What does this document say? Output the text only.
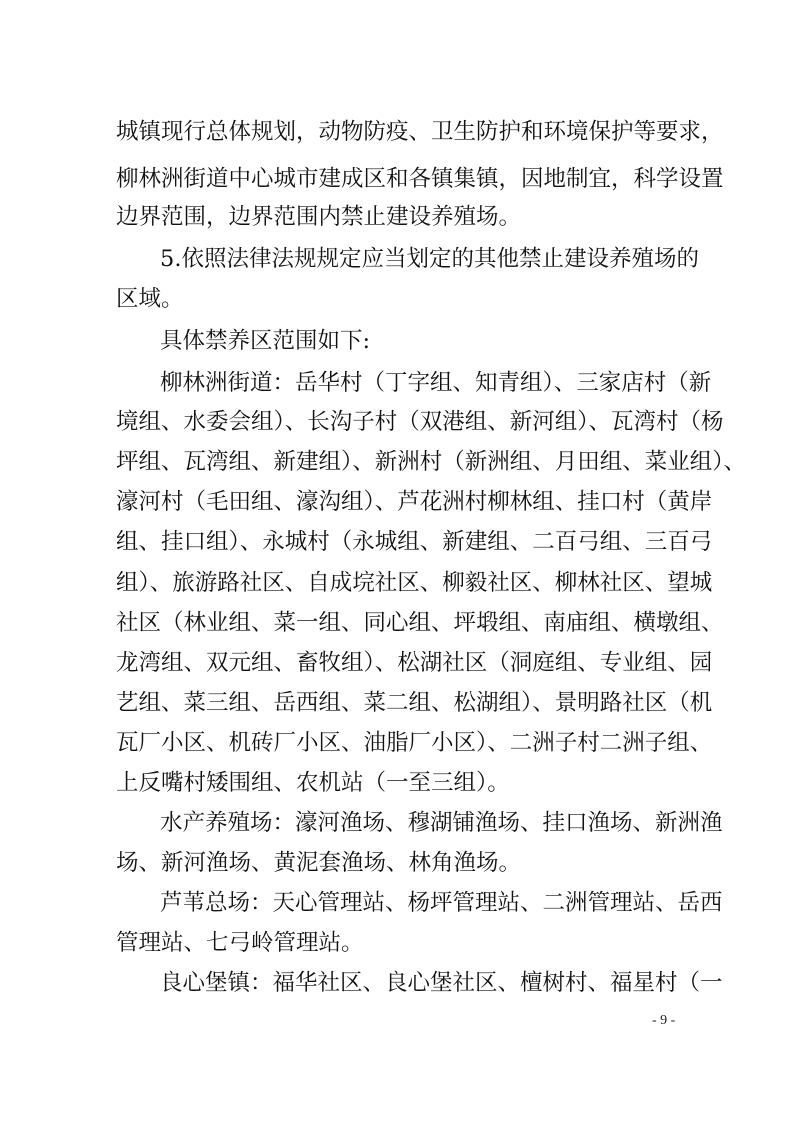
城镇现行总体规划，动物防疫、卫生防护和环境保护等要求，
柳林洲街道中心城市建成区和各镇集镇，因地制宜，科学设置
边界范围，边界范围内禁止建设养殖场。
5.依照法律法规规定应当划定的其他禁止建设养殖场的
区域。
具体禁养区范围如下:
柳林洲街道：岳华村（丁字组、知青组）、三家店村（新
境组、水委会组）、长沟子村（双港组、新河组）、瓦湾村（杨
坪组、瓦湾组、新建组）、新洲村（新洲组、月田组、菜业组）、
濠河村（毛田组、濠沟组）、芦花洲村柳林组、挂口村（黄岸
组、挂口组）、永城村（永城组、新建组、二百弓组、三百弓
组）、旅游路社区、自成垸社区、柳毅社区、柳林社区、望城
社区（林业组、菜一组、同心组、坪塅组、南庙组、横墩组、
龙湾组、双元组、畜牧组）、松湖社区（洞庭组、专业组、园
艺组、菜三组、岳西组、菜二组、松湖组）、景明路社区（机
瓦厂小区、机砖厂小区、油脂厂小区）、二洲子村二洲子组、
上反嘴村矮围组、农机站（一至三组）。
水产养殖场：濠河渔场、穆湖铺渔场、挂口渔场、新洲渔
场、新河渔场、黄泥套渔场、林角渔场。
芦苇总场：天心管理站、杨坪管理站、二洲管理站、岳西
管理站、七弓岭管理站。
良心堡镇：福华社区、良心堡社区、檀树村、福星村（一
- 9 -
